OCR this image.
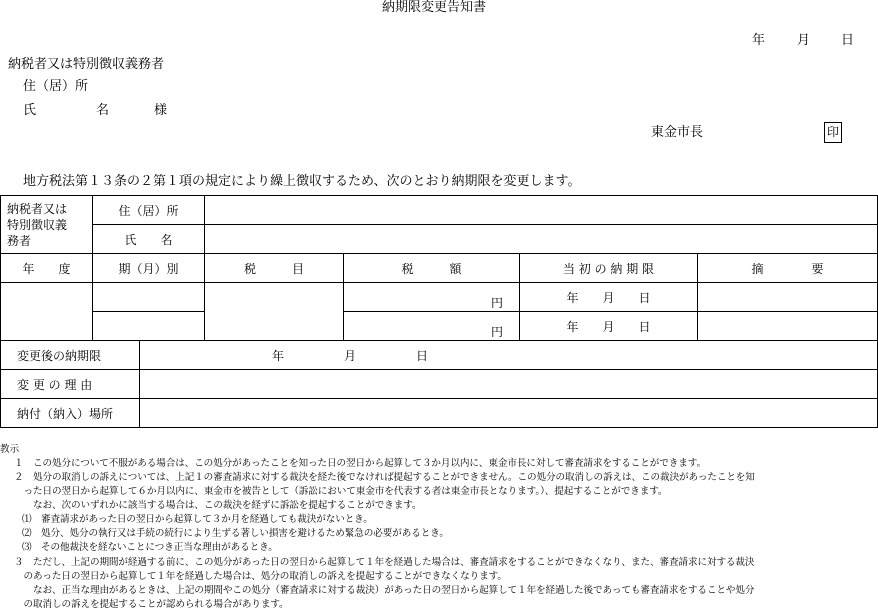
納期限変更告知書
年 月 日
納税者又は特別徴収義務者
住（居）所
氏	名	様
東金市長	印
地方税法第１３条の２第１項の規定により繰上徴収するため、次のとおり納期限を変更します。
納税者又は
特別徴収義
務者	住（居）所				
	氏　　名				
年　　度	期（月）別	税　　　目	税　　　額	当 初 の 納 期 限	摘　　　　要
			円	年　　月　　日	
			円	年　　月　　日	

変更後の納期限 年　　　　　月　　　　　日					

変 更 の 理 由					

納付（納入）場所					
教示
１　この処分について不服がある場合は、この処分があったことを知った日の翌日から起算して３か月以内に、東金市長に対して審査請求をすることができます。
２　処分の取消しの訴えについては、上記１の審査請求に対する裁決を経た後でなければ提起することができません。この処分の取消しの訴えは、この裁決があったことを知
　った日の翌日から起算して６か月以内に、東金市を被告として（訴訟において東金市を代表する者は東金市長となります。）、提起することができます。
　　なお、次のいずれかに該当する場合は、この裁決を経ずに訴訟を提起することができます。
⑴　審査請求があった日の翌日から起算して３か月を経過しても裁決がないとき。
⑵　処分、処分の執行又は手続の続行により生ずる著しい損害を避けるため緊急の必要があるとき。
⑶　その他裁決を経ないことにつき正当な理由があるとき。
３　ただし、上記の期間が経過する前に、この処分があった日の翌日から起算して１年を経過した場合は、審査請求をすることができなくなり、また、審査請求に対する裁決
　のあった日の翌日から起算して１年を経過した場合は、処分の取消しの訴えを提起することができなくなります。
　　なお、正当な理由があるときは、上記の期間やこの処分（審査請求に対する裁決）があった日の翌日から起算して１年を経過した後であっても審査請求をすることや処分
　の取消しの訴えを提起することが認められる場合があります。
